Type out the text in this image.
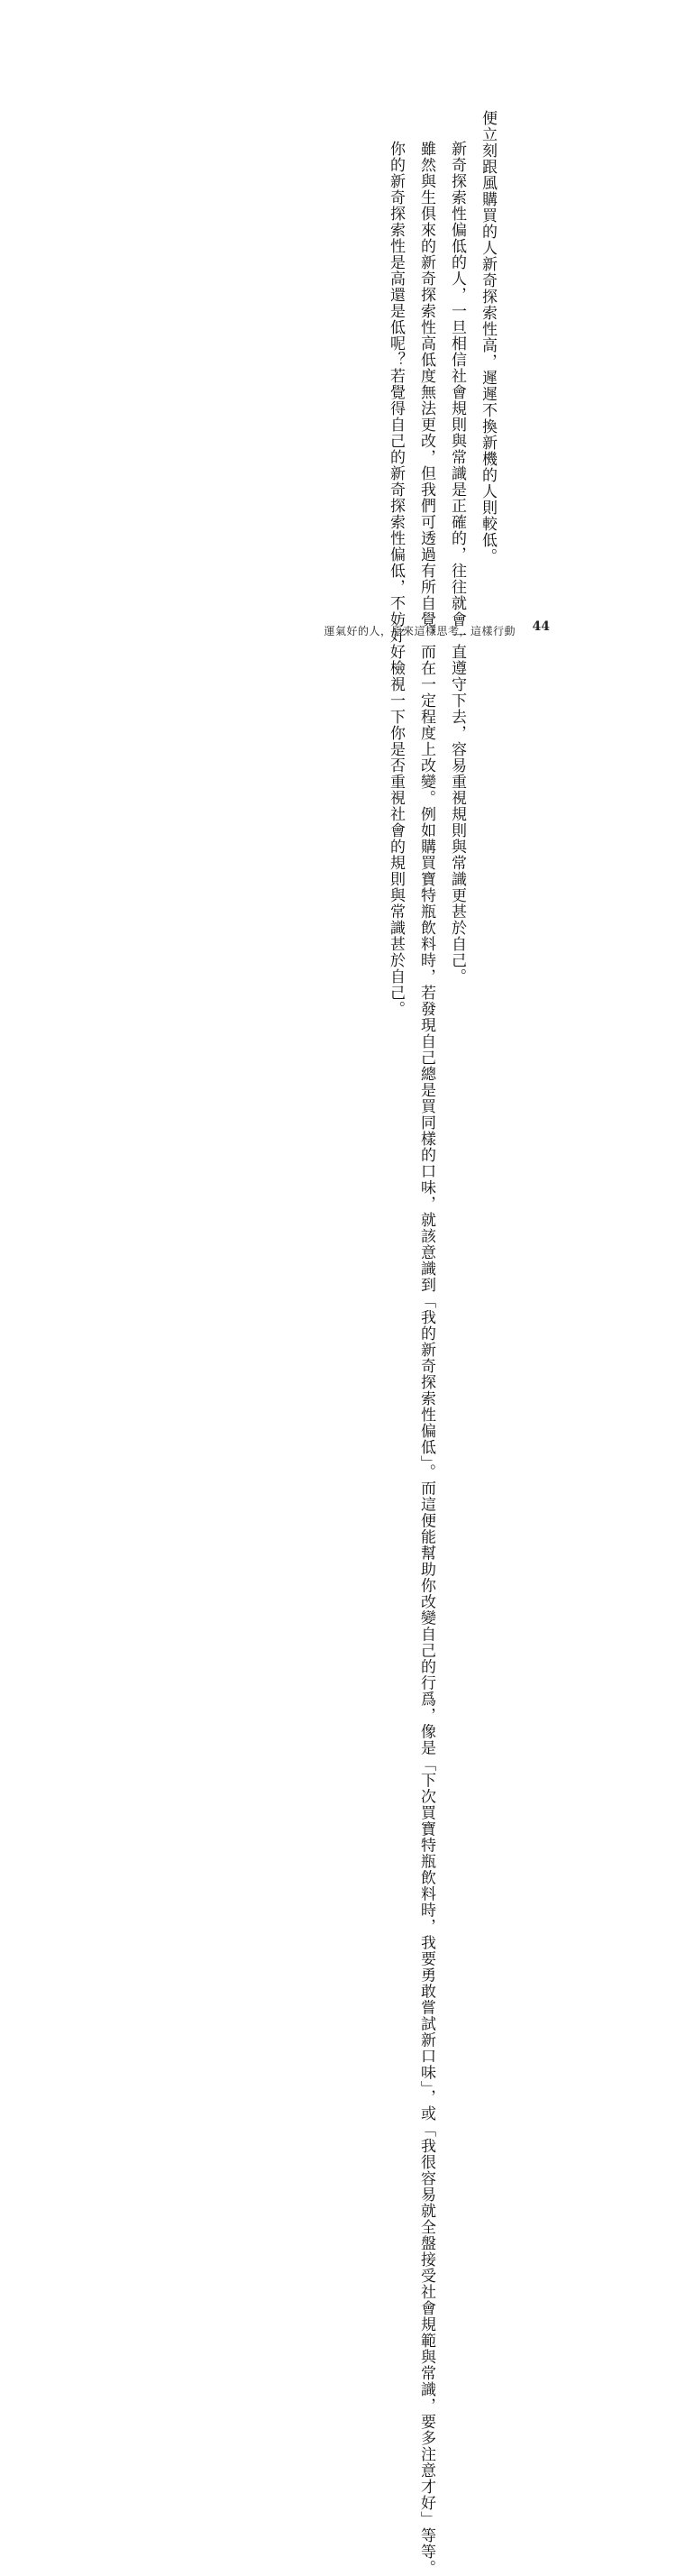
便立刻跟風購買的人新奇探索性高，遲遲不換新機的人則較低。

新奇探索性偏低的人，一旦相信社會規則與常識是正確的，往往就會一直遵守下去，容易重視規則與常識更甚於自己。

雖然與生俱來的新奇探索性高低度無法更改，但我們可透過有所自覺，而在一定程度上改變。例如購買寶特瓶飲料時，若發現自己總是買同樣的口味，就該意識到「我的新奇探索性偏低」。而這便能幫助你改變自己的行爲，像是「下次買寶特瓶飲料時，我要勇敢嘗試新口味」，或「我很容易就全盤接受社會規範與常識，要多注意才好」等等。

你的新奇探索性是高還是低呢？若覺得自己的新奇探索性偏低，不妨好好檢視一下你是否重視社會的規則與常識甚於自己。

運氣好的人，原來這樣思考，這樣行動 44
